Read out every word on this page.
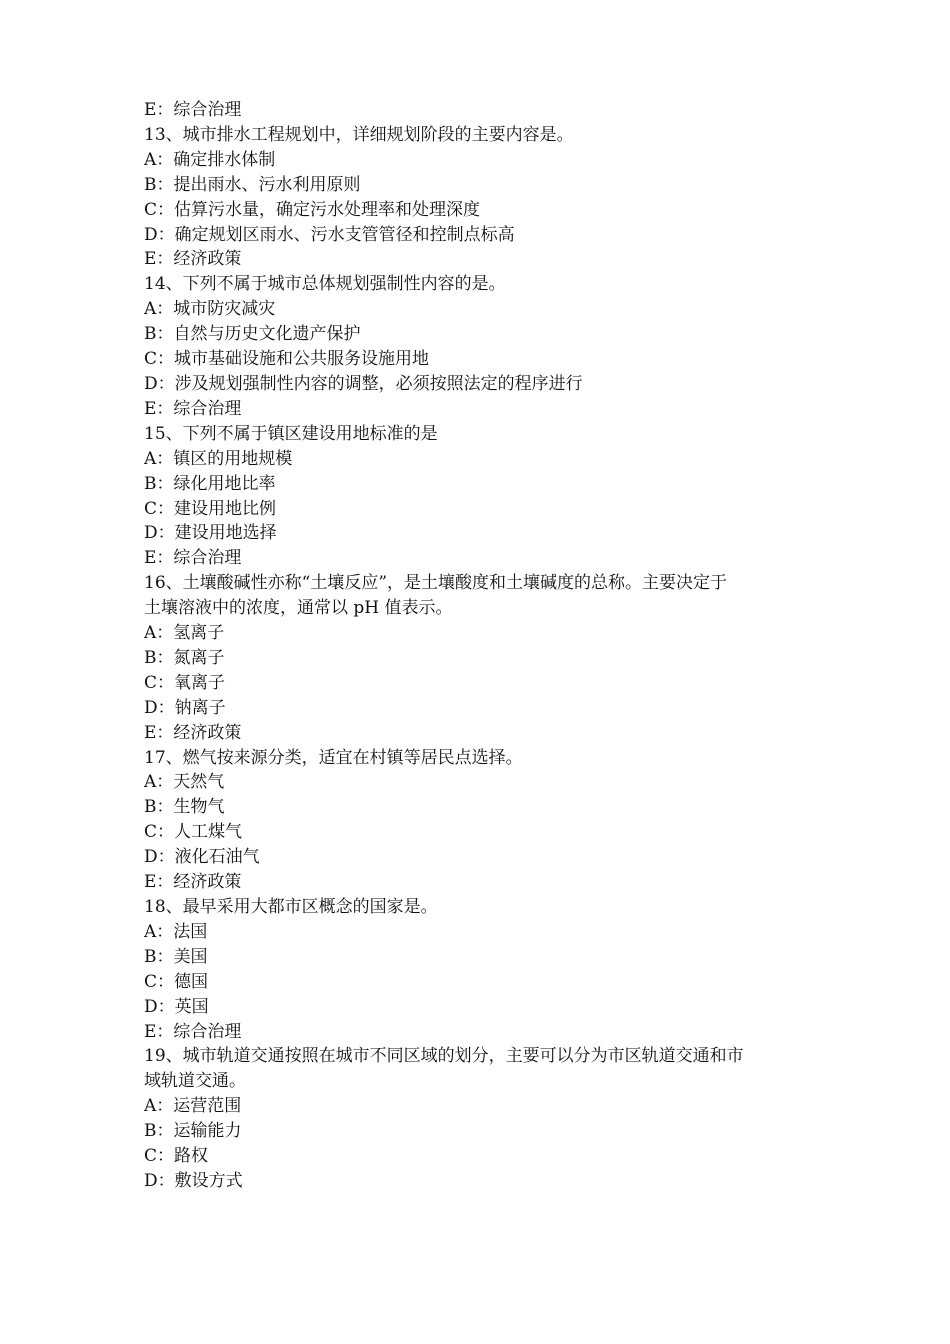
E：综合治理
13、城市排水工程规划中，详细规划阶段的主要内容是。
A：确定排水体制
B：提出雨水、污水利用原则
C：估算污水量，确定污水处理率和处理深度
D：确定规划区雨水、污水支管管径和控制点标高
E：经济政策
14、下列不属于城市总体规划强制性内容的是。
A：城市防灾减灾
B：自然与历史文化遗产保护
C：城市基础设施和公共服务设施用地
D：涉及规划强制性内容的调整，必须按照法定的程序进行
E：综合治理
15、下列不属于镇区建设用地标准的是
A：镇区的用地规模
B：绿化用地比率
C：建设用地比例
D：建设用地选择
E：综合治理
16、土壤酸碱性亦称“土壤反应”，是土壤酸度和土壤碱度的总称。主要决定于
土壤溶液中的浓度，通常以 pH 值表示。
A：氢离子
B：氮离子
C：氧离子
D：钠离子
E：经济政策
17、燃气按来源分类，适宜在村镇等居民点选择。
A：天然气
B：生物气
C：人工煤气
D：液化石油气
E：经济政策
18、最早采用大都市区概念的国家是。
A：法国
B：美国
C：德国
D：英国
E：综合治理
19、城市轨道交通按照在城市不同区域的划分，主要可以分为市区轨道交通和市
域轨道交通。
A：运营范围
B：运输能力
C：路权
D：敷设方式
